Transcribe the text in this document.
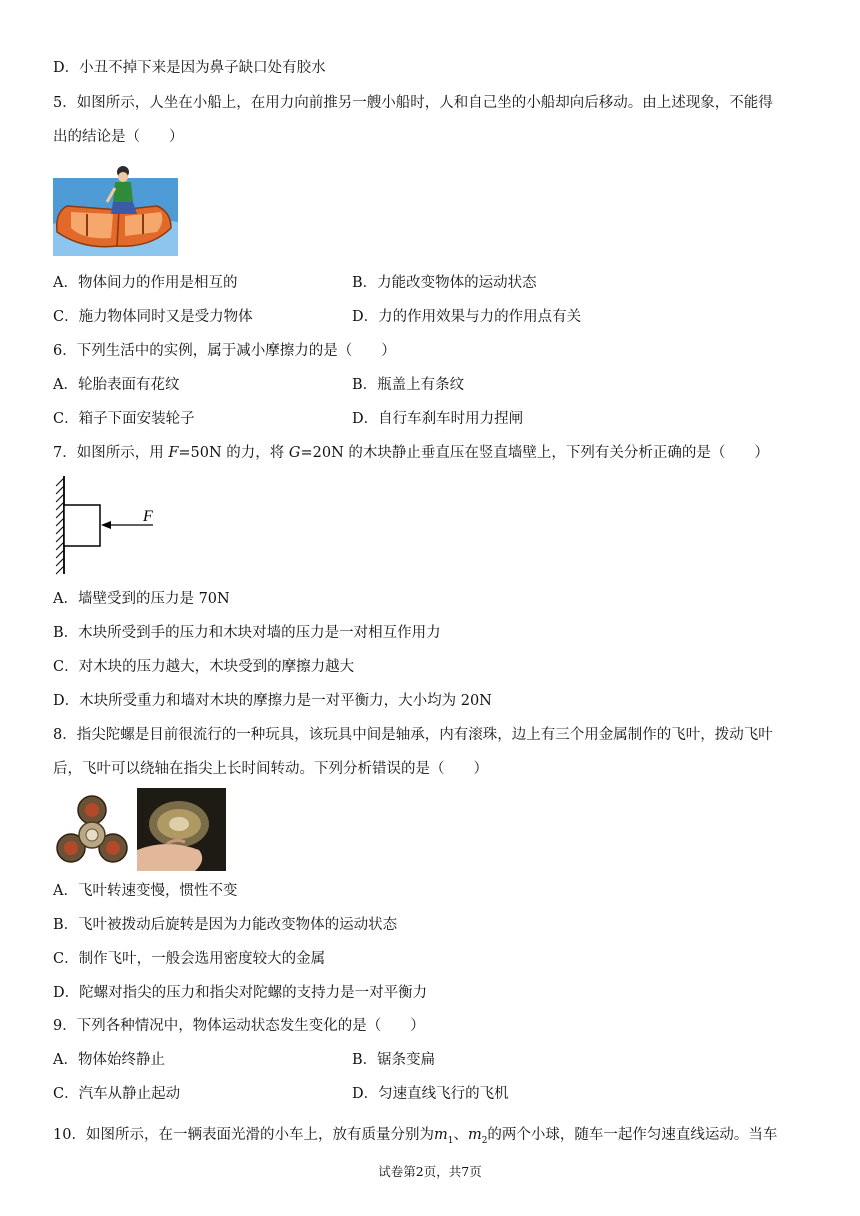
D．小丑不掉下来是因为鼻子缺口处有胶水
5．如图所示，人坐在小船上，在用力向前推另一艘小船时，人和自己坐的小船却向后移动。由上述现象，不能得
出的结论是（　　）
A．物体间力的作用是相互的	B．力能改变物体的运动状态
C．施力物体同时又是受力物体	D．力的作用效果与力的作用点有关
6．下列生活中的实例，属于减小摩擦力的是（　　）
A．轮胎表面有花纹	B．瓶盖上有条纹
C．箱子下面安装轮子	D．自行车刹车时用力捏闸
7．如图所示，用 F=50N 的力，将 G=20N 的木块静止垂直压在竖直墙壁上，下列有关分析正确的是（　　）
F
A．墙壁受到的压力是 70N
B．木块所受到手的压力和木块对墙的压力是一对相互作用力
C．对木块的压力越大，木块受到的摩擦力越大
D．木块所受重力和墙对木块的摩擦力是一对平衡力，大小均为 20N
8．指尖陀螺是目前很流行的一种玩具，该玩具中间是轴承，内有滚珠，边上有三个用金属制作的飞叶，拨动飞叶
后，飞叶可以绕轴在指尖上长时间转动。下列分析错误的是（　　）
A．飞叶转速变慢，惯性不变
B．飞叶被拨动后旋转是因为力能改变物体的运动状态
C．制作飞叶，一般会选用密度较大的金属
D．陀螺对指尖的压力和指尖对陀螺的支持力是一对平衡力
9．下列各种情况中，物体运动状态发生变化的是（　　）
A．物体始终静止	B．锯条变扁
C．汽车从静止起动	D．匀速直线飞行的飞机
10．如图所示，在一辆表面光滑的小车上，放有质量分别为$m_1$、$m_2$的两个小球，随车一起作匀速直线运动。当车
试卷第2页，共7页
